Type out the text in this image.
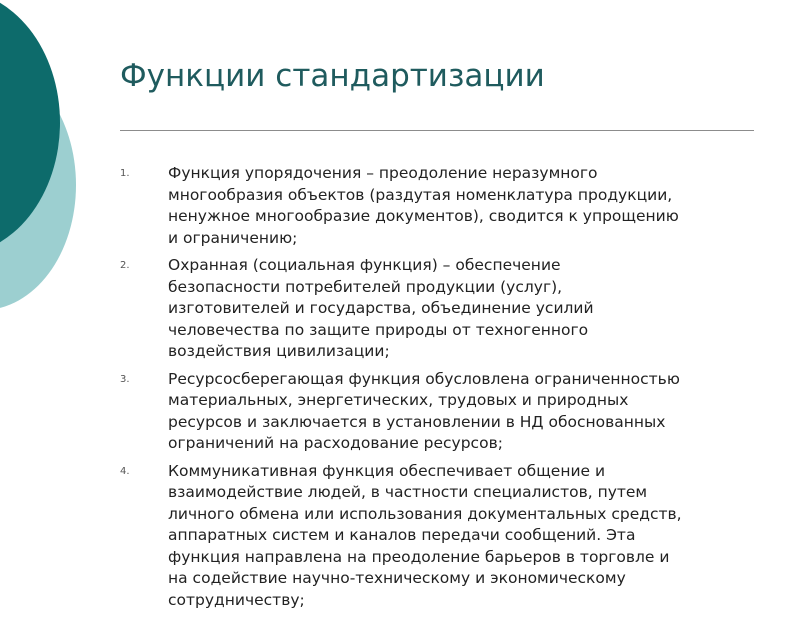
Функции стандартизации
1.	Функция упорядочения – преодоление неразумного
многообразия объектов (раздутая номенклатура продукции,
ненужное многообразие документов), сводится к упрощению
и ограничению;
2.	Охранная (социальная функция) – обеспечение
безопасности потребителей продукции (услуг),
изготовителей и государства, объединение усилий
человечества по защите природы от техногенного
воздействия цивилизации;
3.	Ресурсосберегающая функция обусловлена ограниченностью
материальных, энергетических, трудовых и природных
ресурсов и заключается в установлении в НД обоснованных
ограничений на расходование ресурсов;
4.	Коммуникативная функция обеспечивает общение и
взаимодействие людей, в частности специалистов, путем
личного обмена или использования документальных средств,
аппаратных систем и каналов передачи сообщений. Эта
функция направлена на преодоление барьеров в торговле и
на содействие научно-техническому и экономическому
сотрудничеству;
